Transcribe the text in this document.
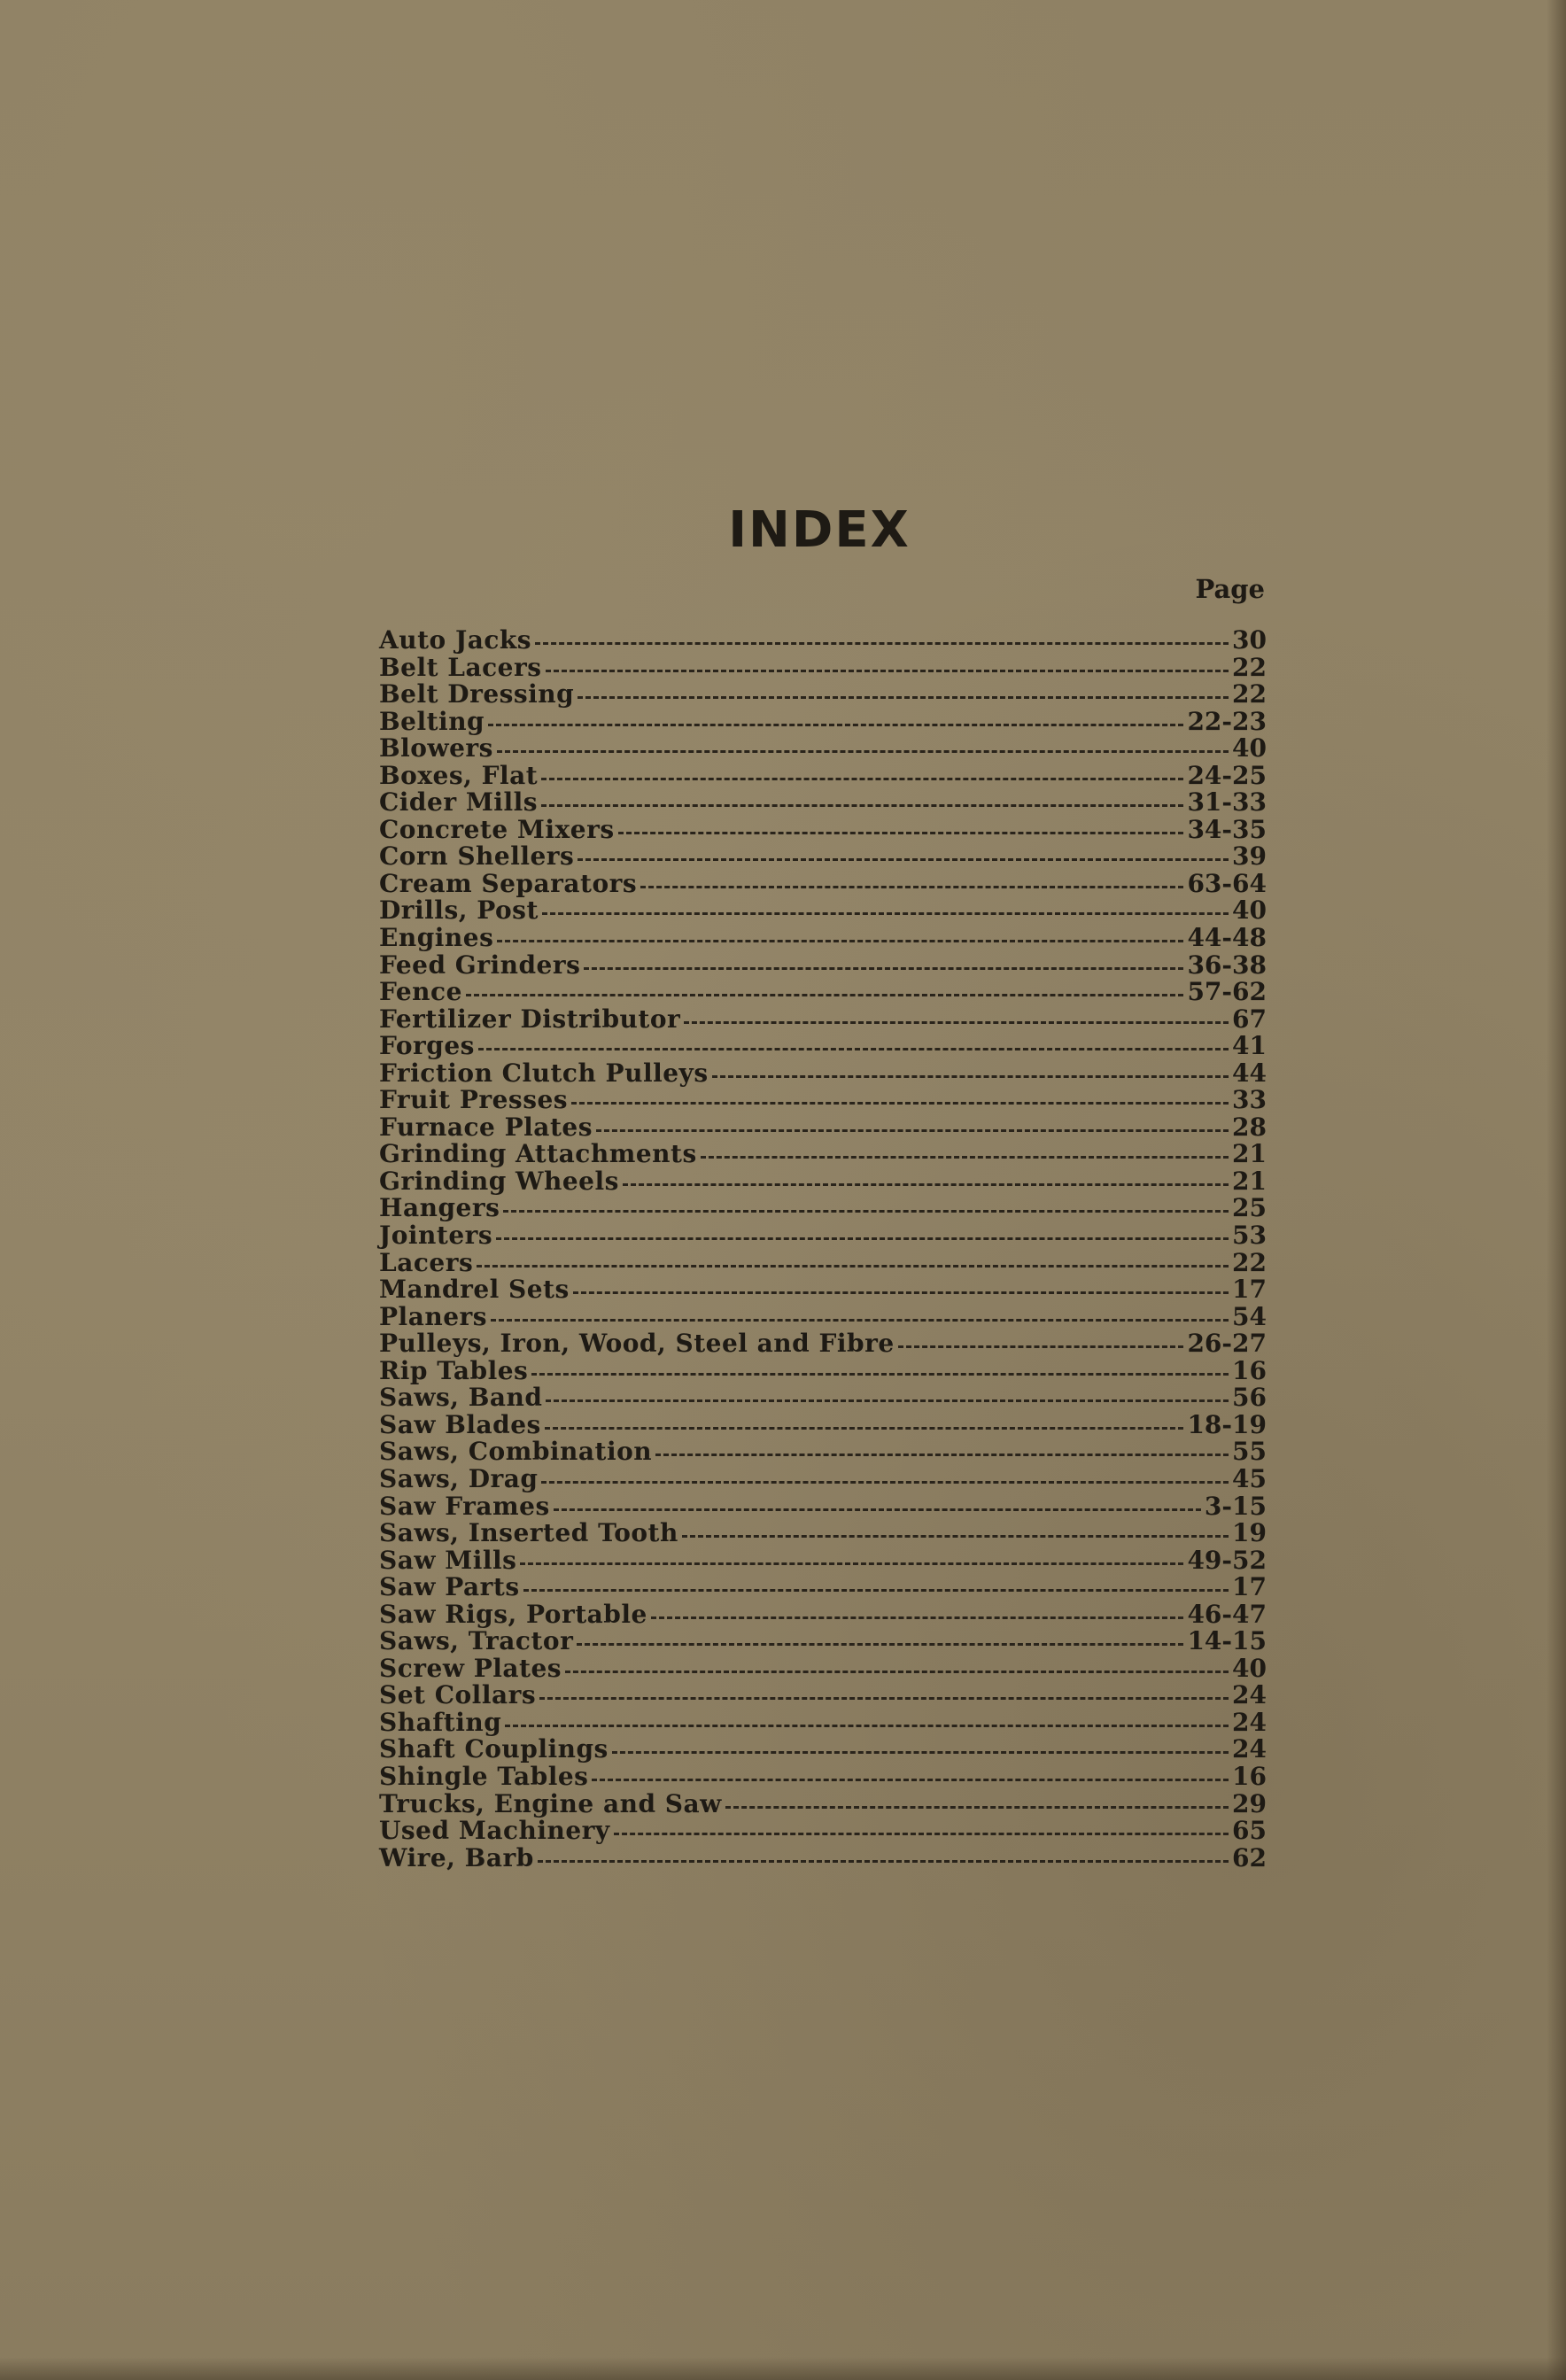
INDEX
Page
Auto Jacks	30
Belt Lacers	22
Belt Dressing	22
Belting	22-23
Blowers	40
Boxes, Flat	24-25
Cider Mills	31-33
Concrete Mixers	34-35
Corn Shellers	39
Cream Separators	63-64
Drills, Post	40
Engines	44-48
Feed Grinders	36-38
Fence	57-62
Fertilizer Distributor	67
Forges	41
Friction Clutch Pulleys	44
Fruit Presses	33
Furnace Plates	28
Grinding Attachments	21
Grinding Wheels	21
Hangers	25
Jointers	53
Lacers	22
Mandrel Sets	17
Planers	54
Pulleys, Iron, Wood, Steel and Fibre	26-27
Rip Tables	16
Saws, Band	56
Saw Blades	18-19
Saws, Combination	55
Saws, Drag	45
Saw Frames	3-15
Saws, Inserted Tooth	19
Saw Mills	49-52
Saw Parts	17
Saw Rigs, Portable	46-47
Saws, Tractor	14-15
Screw Plates	40
Set Collars	24
Shafting	24
Shaft Couplings	24
Shingle Tables	16
Trucks, Engine and Saw	29
Used Machinery	65
Wire, Barb	62
